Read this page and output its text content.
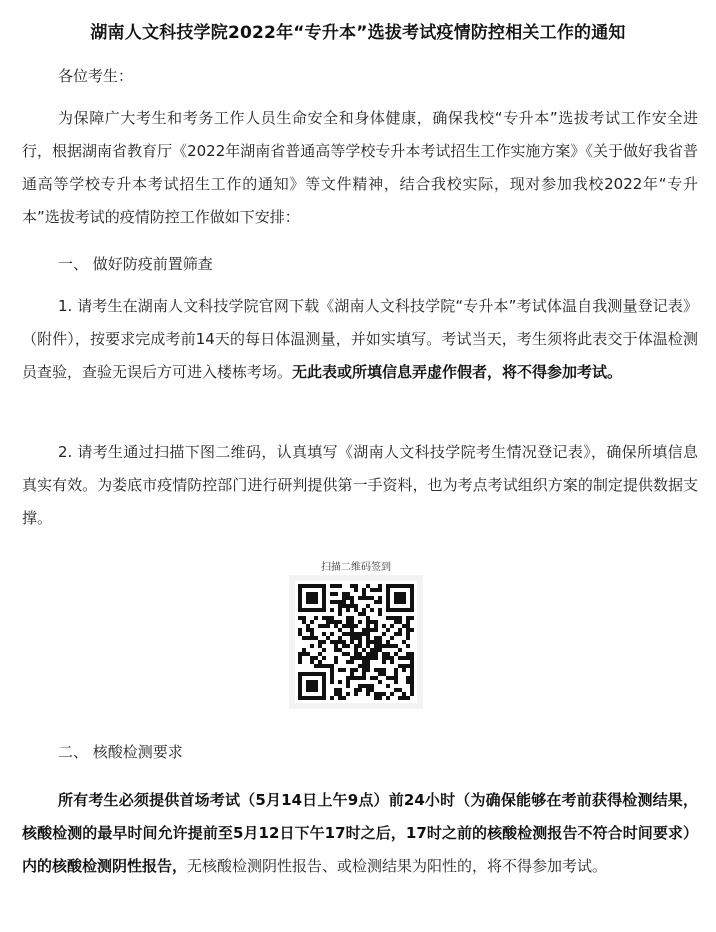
湖南人文科技学院2022年“专升本”选拔考试疫情防控相关工作的通知
各位考生：
为保障广大考生和考务工作人员生命安全和身体健康，确保我校“专升本”选拔考试工作安全进行，根据湖南省教育厅《2022年湖南省普通高等学校专升本考试招生工作实施方案》《关于做好我省普通高等学校专升本考试招生工作的通知》等文件精神，结合我校实际，现对参加我校2022年“专升本”选拔考试的疫情防控工作做如下安排：
一、 做好防疫前置筛查
1. 请考生在湖南人文科技学院官网下载《湖南人文科技学院“专升本”考试体温自我测量登记表》（附件），按要求完成考前14天的每日体温测量，并如实填写。考试当天，考生须将此表交于体温检测员查验，查验无误后方可进入楼栋考场。无此表或所填信息弄虚作假者，将不得参加考试。
2. 请考生通过扫描下图二维码，认真填写《湖南人文科技学院考生情况登记表》，确保所填信息真实有效。为娄底市疫情防控部门进行研判提供第一手资料，也为考点考试组织方案的制定提供数据支撑。
扫描二维码签到
二、 核酸检测要求
所有考生必须提供首场考试（5月14日上午9点）前24小时（为确保能够在考前获得检测结果，核酸检测的最早时间允许提前至5月12日下午17时之后，17时之前的核酸检测报告不符合时间要求）内的核酸检测阴性报告，无核酸检测阴性报告、或检测结果为阳性的，将不得参加考试。
